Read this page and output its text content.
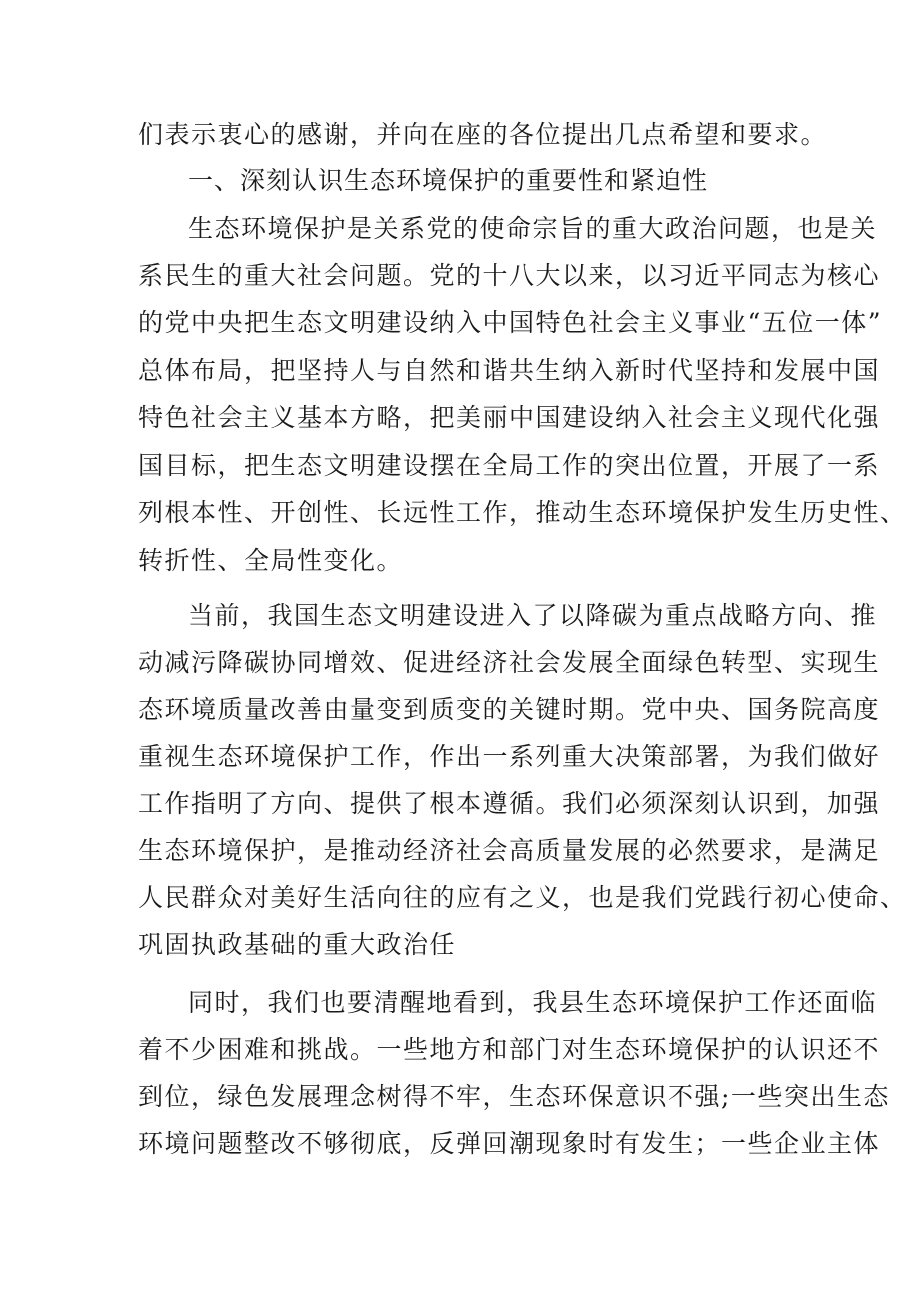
们表示衷心的感谢，并向在座的各位提出几点希望和要求。
一、深刻认识生态环境保护的重要性和紧迫性
生态环境保护是关系党的使命宗旨的重大政治问题，也是关
系民生的重大社会问题。党的十八大以来，以习近平同志为核心
的党中央把生态文明建设纳入中国特色社会主义事业“五位一体”
总体布局，把坚持人与自然和谐共生纳入新时代坚持和发展中国
特色社会主义基本方略，把美丽中国建设纳入社会主义现代化强
国目标，把生态文明建设摆在全局工作的突出位置，开展了一系
列根本性、开创性、长远性工作，推动生态环境保护发生历史性、
转折性、全局性变化。
当前，我国生态文明建设进入了以降碳为重点战略方向、推
动减污降碳协同增效、促进经济社会发展全面绿色转型、实现生
态环境质量改善由量变到质变的关键时期。党中央、国务院高度
重视生态环境保护工作，作出一系列重大决策部署，为我们做好
工作指明了方向、提供了根本遵循。我们必须深刻认识到，加强
生态环境保护，是推动经济社会高质量发展的必然要求，是满足
人民群众对美好生活向往的应有之义，也是我们党践行初心使命、
巩固执政基础的重大政治任
同时，我们也要清醒地看到，我县生态环境保护工作还面临
着不少困难和挑战。一些地方和部门对生态环境保护的认识还不
到位，绿色发展理念树得不牢，生态环保意识不强;一些突出生态
环境问题整改不够彻底，反弹回潮现象时有发生；一些企业主体
